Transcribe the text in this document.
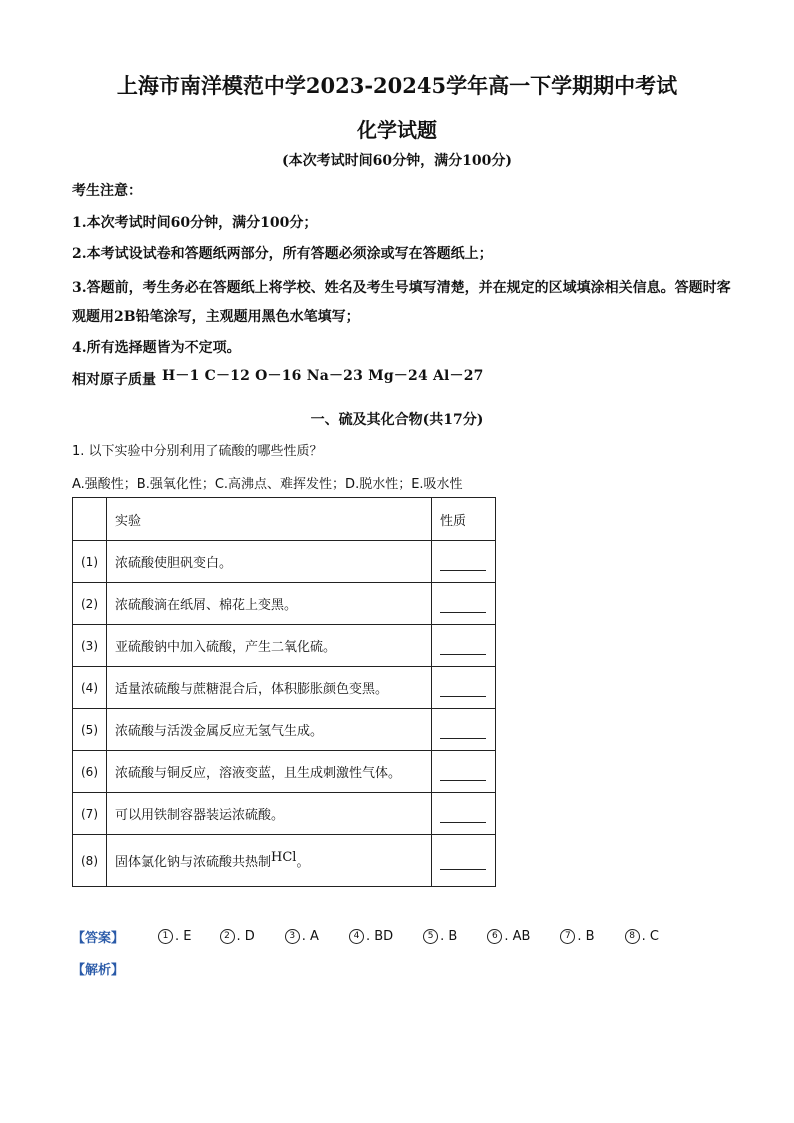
上海市南洋模范中学2023-20245学年高一下学期期中考试
化学试题
(本次考试时间60分钟，满分100分)
考生注意：
1.本次考试时间60分钟，满分100分；
2.本考试设试卷和答题纸两部分，所有答题必须涂或写在答题纸上；
3.答题前，考生务必在答题纸上将学校、姓名及考生号填写清楚，并在规定的区域填涂相关信息。答题时客观题用2B铅笔涂写，主观题用黑色水笔填写；
4.所有选择题皆为不定项。
相对原子质量 H－1 C－12 O－16 Na－23 Mg－24 Al－27
一、硫及其化合物(共17分)
1. 以下实验中分别利用了硫酸的哪些性质？
A.强酸性；B.强氧化性；C.高沸点、难挥发性；D.脱水性；E.吸水性
	实验	性质
(1)	浓硫酸使胆矾变白。	
(2)	浓硫酸滴在纸屑、棉花上变黑。	
(3)	亚硫酸钠中加入硫酸，产生二氧化硫。	
(4)	适量浓硫酸与蔗糖混合后，体积膨胀颜色变黑。	
(5)	浓硫酸与活泼金属反应无氢气生成。	
(6)	浓硫酸与铜反应，溶液变蓝，且生成刺激性气体。	
(7)	可以用铁制容器装运浓硫酸。	
(8)	固体氯化钠与浓硫酸共热制HCl。	
【答案】	1 . E	2 . D	3 . A	4 . BD	5 . B	6 . AB	7 . B	8 . C
【解析】
